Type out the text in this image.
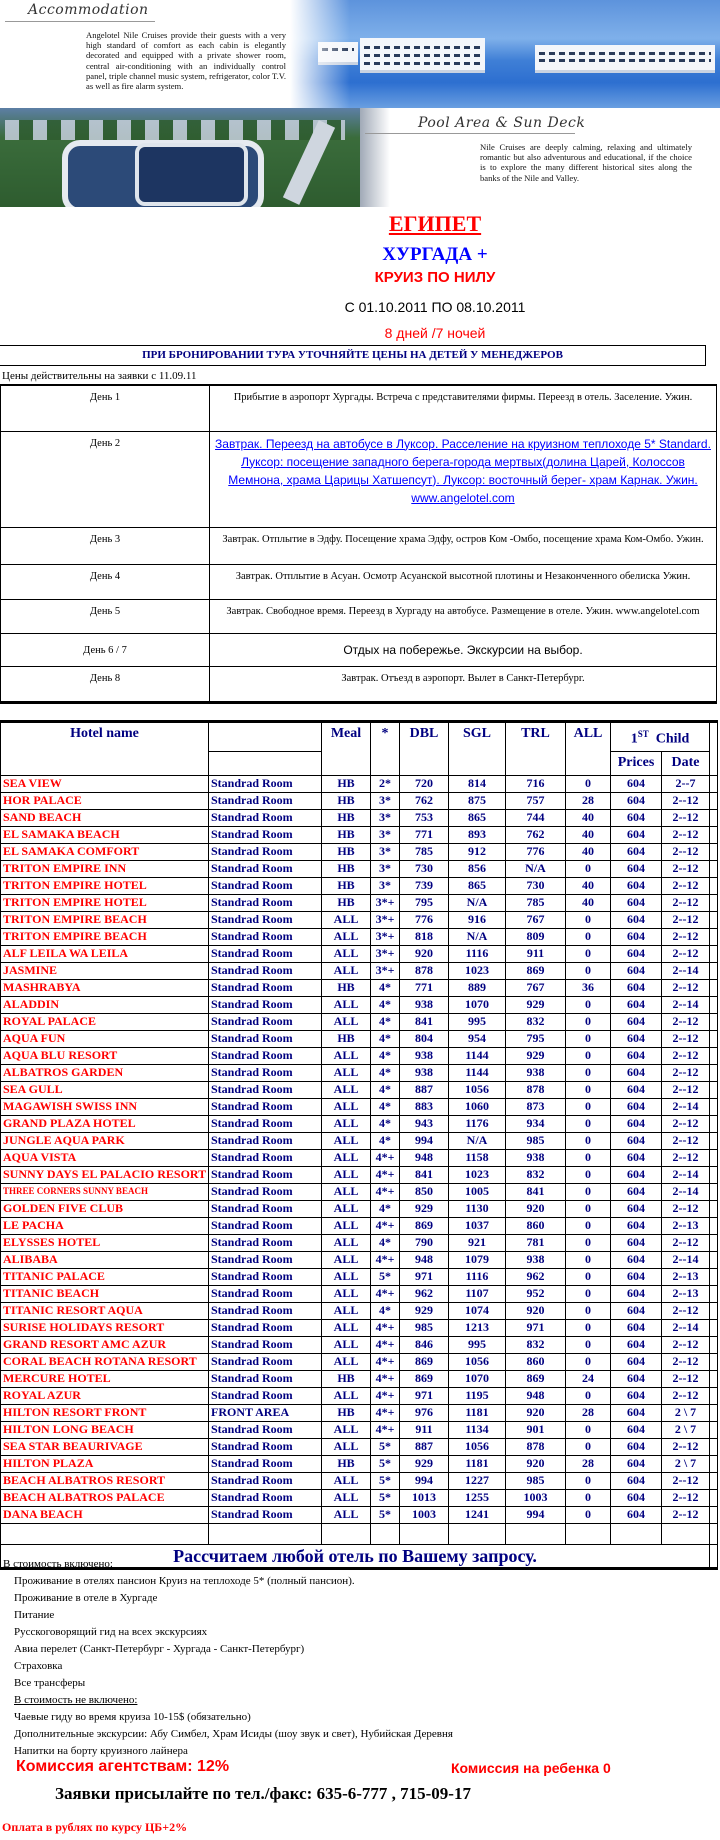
Accommodation
Angelotel Nile Cruises provide their guests with a very high standard of comfort as each cabin is elegantly decorated and equipped with a private shower room, central air-conditioning with an individually control panel, triple channel music system, refrigerator, color T.V. as well as fire alarm system.
Pool Area & Sun Deck
Nile Cruises are deeply calming, relaxing and ultimately romantic but also adventurous and educational, if the choice is to explore the many different historical sites along the banks of the Nile and Valley.
ЕГИПЕТ
ХУРГАДА +
КРУИЗ ПО НИЛУ
С 01.10.2011 ПО 08.10.2011
8 дней /7 ночей
ПРИ БРОНИРОВАНИИ ТУРА УТОЧНЯЙТЕ ЦЕНЫ НА ДЕТЕЙ У МЕНЕДЖЕРОВ
Цены действительны на заявки с 11.09.11
День 1	Прибытие в аэропорт Хургады. Встреча с представителями фирмы. Переезд в отель. Заселение. Ужин.
День 2	Завтрак. Переезд на автобусе в Луксор. Расселение на круизном теплоходе 5* Standard. Луксор: посещение западного берега-города мертвых(долина Царей, Колоссов Мемнона, храма Царицы Хатшепсут). Луксор: восточный берег- храм Карнак. Ужин. www.angelotel.com
День 3	Завтрак. Отплытие в Эдфу. Посещение храма Эдфу, остров Ком -Омбо, посещение храма Ком-Омбо. Ужин.
День 4	Завтрак. Отплытие в Асуан. Осмотр Асуанской высотной плотины и Незаконченного обелиска Ужин.
День 5	Завтрак. Свободное время. Переезд в Хургаду на автобусе. Размещение в отеле. Ужин. www.angelotel.com
День 6 / 7	Отдых на побережье. Экскурсии на выбор.
День 8	Завтрак. Отъезд в аэропорт. Вылет в Санкт-Петербург.
Hotel name		Meal	*	DBL	SGL	TRL	ALL	1ST Child		
								Prices	Date	
SEA VIEW	Standrad Room	HB	2*	720	814	716	0	604	2--7	
HOR PALACE	Standrad Room	HB	3*	762	875	757	28	604	2--12	
SAND BEACH	Standrad Room	HB	3*	753	865	744	40	604	2--12	
EL SAMAKA BEACH	Standrad Room	HB	3*	771	893	762	40	604	2--12	
EL SAMAKA COMFORT	Standrad Room	HB	3*	785	912	776	40	604	2--12	
TRITON EMPIRE INN	Standrad Room	HB	3*	730	856	N/A	0	604	2--12	
TRITON EMPIRE HOTEL	Standrad Room	HB	3*	739	865	730	40	604	2--12	
TRITON EMPIRE HOTEL	Standrad Room	HB	3*+	795	N/A	785	40	604	2--12	
TRITON EMPIRE BEACH	Standrad Room	ALL	3*+	776	916	767	0	604	2--12	
TRITON EMPIRE BEACH	Standrad Room	ALL	3*+	818	N/A	809	0	604	2--12	
ALF LEILA WA LEILA	Standrad Room	ALL	3*+	920	1116	911	0	604	2--12	
JASMINE	Standrad Room	ALL	3*+	878	1023	869	0	604	2--14	
MASHRABYA	Standrad Room	HB	4*	771	889	767	36	604	2--12	
ALADDIN	Standrad Room	ALL	4*	938	1070	929	0	604	2--14	
ROYAL PALACE	Standrad Room	ALL	4*	841	995	832	0	604	2--12	
AQUA FUN	Standrad Room	HB	4*	804	954	795	0	604	2--12	
AQUA BLU RESORT	Standrad Room	ALL	4*	938	1144	929	0	604	2--12	
ALBATROS GARDEN	Standrad Room	ALL	4*	938	1144	938	0	604	2--12	
SEA GULL	Standrad Room	ALL	4*	887	1056	878	0	604	2--12	
MAGAWISH SWISS INN	Standrad Room	ALL	4*	883	1060	873	0	604	2--14	
GRAND PLAZA HOTEL	Standrad Room	ALL	4*	943	1176	934	0	604	2--12	
JUNGLE AQUA PARK	Standrad Room	ALL	4*	994	N/A	985	0	604	2--12	
AQUA VISTA	Standrad Room	ALL	4*+	948	1158	938	0	604	2--12	
SUNNY DAYS EL PALACIO RESORT	Standrad Room	ALL	4*+	841	1023	832	0	604	2--14	
THREE CORNERS SUNNY BEACH	Standrad Room	ALL	4*+	850	1005	841	0	604	2--14	
GOLDEN FIVE CLUB	Standrad Room	ALL	4*	929	1130	920	0	604	2--12	
LE PACHA	Standrad Room	ALL	4*+	869	1037	860	0	604	2--13	
ELYSSES HOTEL	Standrad Room	ALL	4*	790	921	781	0	604	2--12	
ALIBABA	Standrad Room	ALL	4*+	948	1079	938	0	604	2--14	
TITANIC PALACE	Standrad Room	ALL	5*	971	1116	962	0	604	2--13	
TITANIC BEACH	Standrad Room	ALL	4*+	962	1107	952	0	604	2--13	
TITANIC RESORT AQUA	Standrad Room	ALL	4*	929	1074	920	0	604	2--12	
SURISE HOLIDAYS RESORT	Standrad Room	ALL	4*+	985	1213	971	0	604	2--14	
GRAND RESORT AMC AZUR	Standrad Room	ALL	4*+	846	995	832	0	604	2--12	
CORAL BEACH ROTANA RESORT	Standrad Room	ALL	4*+	869	1056	860	0	604	2--12	
MERCURE HOTEL	Standrad Room	HB	4*+	869	1070	869	24	604	2--12	
ROYAL AZUR	Standrad Room	ALL	4*+	971	1195	948	0	604	2--12	
HILTON RESORT FRONT	FRONT AREA	HB	4*+	976	1181	920	28	604	2 \ 7	
HILTON LONG BEACH	Standrad Room	ALL	4*+	911	1134	901	0	604	2 \ 7	
SEA STAR BEAURIVAGE	Standrad Room	ALL	5*	887	1056	878	0	604	2--12	
HILTON PLAZA	Standrad Room	HB	5*	929	1181	920	28	604	2 \ 7	
BEACH ALBATROS RESORT	Standrad Room	ALL	5*	994	1227	985	0	604	2--12	
BEACH ALBATROS PALACE	Standrad Room	ALL	5*	1013	1255	1003	0	604	2--12	
DANA BEACH	Standrad Room	ALL	5*	1003	1241	994	0	604	2--12	

Рассчитаем любой отель по Вашему запросу.										
В стоимость включено:
Проживание в отелях пансион Круиз на теплоходе 5* (полный пансион).
Проживание в отеле в Хургаде
Питание
Русскоговорящий гид на всех экскурсиях
Авиа перелет (Санкт-Петербург - Хургада - Санкт-Петербург)
Страховка
Все трансферы
В стоимость не включено:
Чаевые гиду во время круиза 10-15$ (обязательно)
Дополнительные экскурсии: Абу Симбел, Храм Исиды (шоу звук и свет), Нубийская Деревня
Напитки на борту круизного лайнера
Комиссия агентствам: 12%	Комиссия на ребенка 0
Заявки присылайте по тел./факс: 635-6-777 , 715-09-17
Оплата в рублях по курсу ЦБ+2%
